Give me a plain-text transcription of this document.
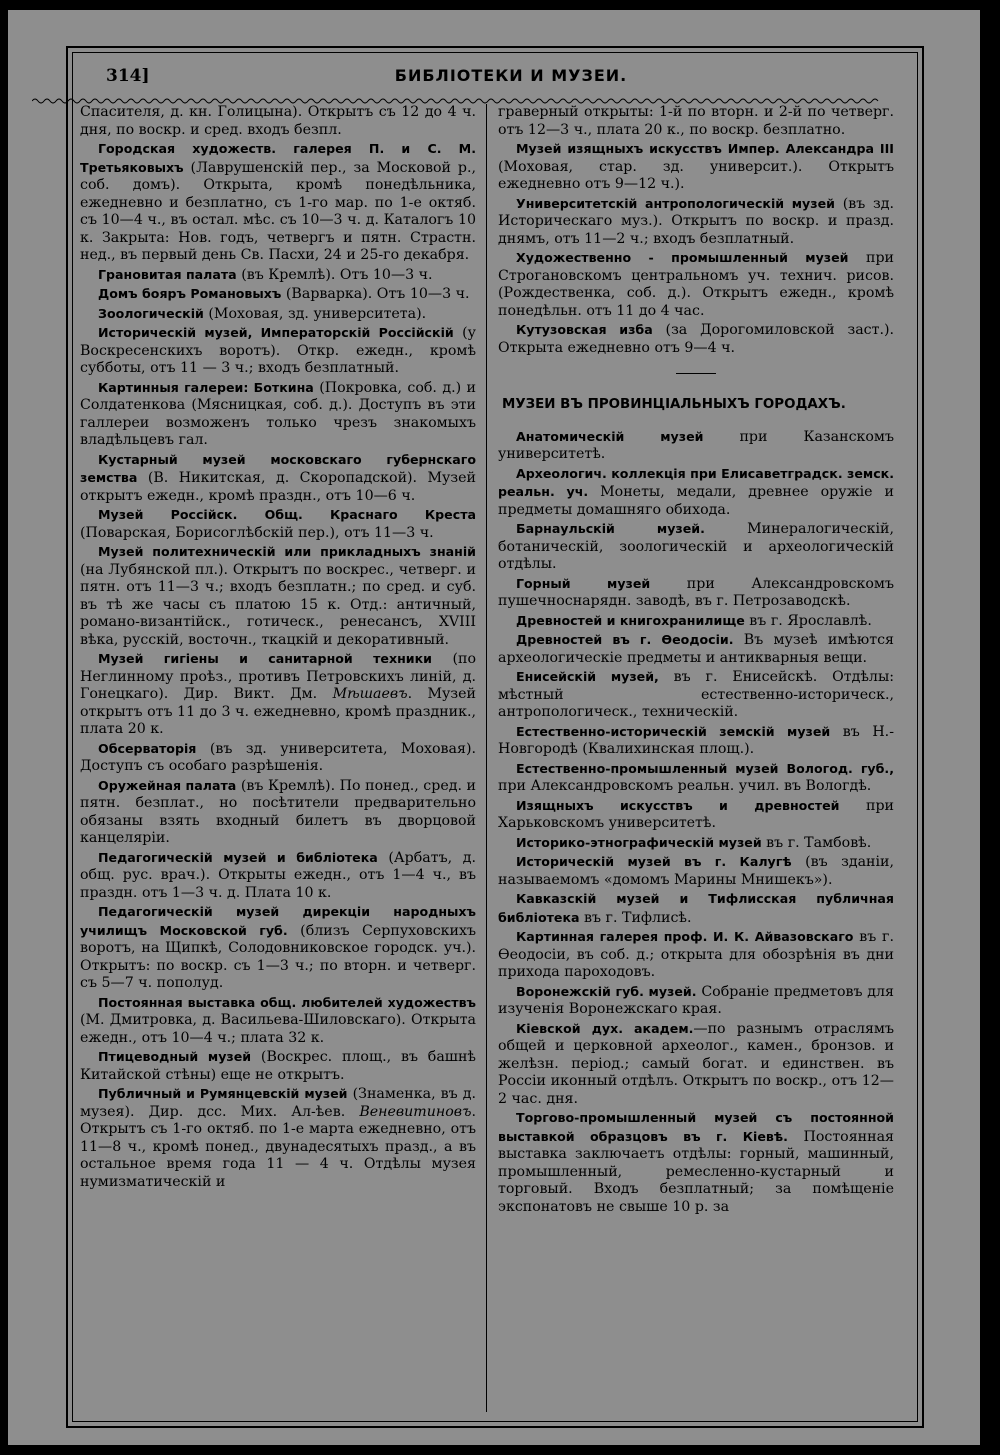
314]	БИБЛIОТЕКИ И МУЗЕИ.

Спасителя, д. кн. Голицына). Открытъ съ 12 до 4 ч. дня, по воскр. и сред. входъ безпл.

Городская художеств. галерея П. и С. М. Третьяковыхъ (Лаврушенскiй пер., за Московой р., соб. домъ). Открыта, кромѣ понедѣльника, ежедневно и безплатно, съ 1-го мар. по 1-е октяб. съ 10—4 ч., въ остал. мѣс. съ 10—3 ч. д. Каталогъ 10 к. Закрыта: Нов. годъ, четвергъ и пятн. Страстн. нед., въ первый день Св. Пасхи, 24 и 25-го декабря.

Грановитая палата (въ Кремлѣ). Отъ 10—3 ч.

Домъ бояръ Романовыхъ (Варварка). Отъ 10—3 ч.

Зоологическiй (Моховая, зд. университета).

Историческiй музей, Императорскiй Россiйскiй (у Воскресенскихъ воротъ). Откр. ежедн., кромѣ субботы, отъ 11 — 3 ч.; входъ безплатный.

Картинныя галереи: Боткина (Покровка, соб. д.) и Солдатенкова (Мясницкая, соб. д.). Доступъ въ эти галлереи возможенъ только чрезъ знакомыхъ владѣльцевъ гал.

Кустарный музей московскаго губернскаго земства (В. Никитская, д. Скоропадской). Музей открытъ ежедн., кромѣ праздн., отъ 10—6 ч.

Музей Россiйск. Общ. Краснаго Креста (Поварская, Борисоглѣбскiй пер.), отъ 11—3 ч.

Музей политехническiй или прикладныхъ знанiй (на Лубянской пл.). Открытъ по воскрес., четверг. и пятн. отъ 11—3 ч.; входъ безплатн.; по сред. и суб. въ тѣ же часы съ платою 15 к. Отд.: античный, романо-византiйск., готическ., ренесансъ, XVIII вѣка, русскiй, восточн., ткацкiй и декоративный.

Музей гигiены и санитарной техники (по Неглинному проѣз., противъ Петровскихъ линiй, д. Гонецкаго). Дир. Викт. Дм. Мѣшаевъ. Музей открытъ отъ 11 до 3 ч. ежедневно, кромѣ праздник., плата 20 к.

Обсерваторiя (въ зд. университета, Моховая). Доступъ съ особаго разрѣшенiя.

Оружейная палата (въ Кремлѣ). По понед., сред. и пятн. безплат., но посѣтители предварительно обязаны взять входный билетъ въ дворцовой канцелярiи.

Педагогическiй музей и библiотека (Арбатъ, д. общ. рус. врач.). Открыты ежедн., отъ 1—4 ч., въ праздн. отъ 1—3 ч. д. Плата 10 к.

Педагогическiй музей дирекцiи народныхъ училищъ Московской губ. (близъ Серпуховскихъ воротъ, на Щипкѣ, Солодовниковское городск. уч.). Открытъ: по воскр. съ 1—3 ч.; по вторн. и четверг. съ 5—7 ч. пополуд.

Постоянная выставка общ. любителей художествъ (М. Дмитровка, д. Васильева-Шиловскаго). Открыта ежедн., отъ 10—4 ч.; плата 32 к.

Птицеводный музей (Воскрес. площ., въ башнѣ Китайской стѣны) еще не открытъ.

Публичный и Румянцевскiй музей (Знаменка, въ д. музея). Дир. дсс. Мих. Ал-ѣев. Веневитиновъ. Открытъ съ 1-го октяб. по 1-е марта ежедневно, отъ 11—8 ч., кромѣ понед., двунадесятыхъ празд., а въ остальное время года 11 — 4 ч. Отдѣлы музея нумизматическiй и

граверный открыты: 1-й по вторн. и 2-й по четверг. отъ 12—3 ч., плата 20 к., по воскр. безплатно.

Музей изящныхъ искусствъ Импер. Александра III (Моховая, стар. зд. университ.). Открытъ ежедневно отъ 9—12 ч.).

Университетскiй антропологическiй музей (въ зд. Историческаго муз.). Открытъ по воскр. и празд. днямъ, отъ 11—2 ч.; входъ безплатный.

Художественно - промышленный музей при Строгановскомъ центральномъ уч. технич. рисов. (Рождественка, соб. д.). Открытъ ежедн., кромѣ понедѣльн. отъ 11 до 4 час.

Кутузовская изба (за Дорогомиловской заст.). Открыта ежедневно отъ 9—4 ч.

МУЗЕИ ВЪ ПРОВИНЦIАЛЬНЫХЪ ГОРОДАХЪ.

Анатомическiй музей при Казанскомъ университетѣ.

Археологич. коллекцiя при Елисаветградск. земск. реальн. уч. Монеты, медали, древнее оружiе и предметы домашняго обихода.

Барнаульскiй музей. Минералогическiй, ботаническiй, зоологическiй и археологическiй отдѣлы.

Горный музей при Александровскомъ пушечноснарядн. заводѣ, въ г. Петрозаводскѣ.

Древностей и книгохранилище въ г. Ярославлѣ.

Древностей въ г. Ѳеодосiи. Въ музеѣ имѣются археологическiе предметы и антикварныя вещи.

Енисейскiй музей, въ г. Енисейскѣ. Отдѣлы: мѣстный естественно-историческ., антропологическ., техническiй.

Естественно-историческiй земскiй музей въ Н.-Новгородѣ (Квалихинская площ.).

Естественно-промышленный музей Вологод. губ., при Александровскомъ реальн. учил. въ Вологдѣ.

Изящныхъ искусствъ и древностей при Харьковскомъ университетѣ.

Историко-этнографическiй музей въ г. Тамбовѣ.

Историческiй музей въ г. Калугѣ (въ зданiи, называемомъ «домомъ Марины Мнишекъ»).

Кавказскiй музей и Тифлисская публичная библiотека въ г. Тифлисѣ.

Картинная галерея проф. И. К. Айвазовскаго въ г. Ѳеодосiи, въ соб. д.; открыта для обозрѣнiя въ дни прихода пароходовъ.

Воронежскiй губ. музей. Собранiе предметовъ для изученiя Воронежскаго края.

Кiевской дух. академ.—по разнымъ отраслямъ общей и церковной археолог., камен., бронзов. и желѣзн. перiод.; самый богат. и единствен. въ Россiи иконный отдѣлъ. Открытъ по воскр., отъ 12—2 час. дня.

Торгово-промышленный музей съ постоянной выставкой образцовъ въ г. Кiевѣ. Постоянная выставка заключаетъ отдѣлы: горный, машинный, промышленный, ремесленно-кустарный и торговый. Входъ безплатный; за помѣщенiе экспонатовъ не свыше 10 р. за
